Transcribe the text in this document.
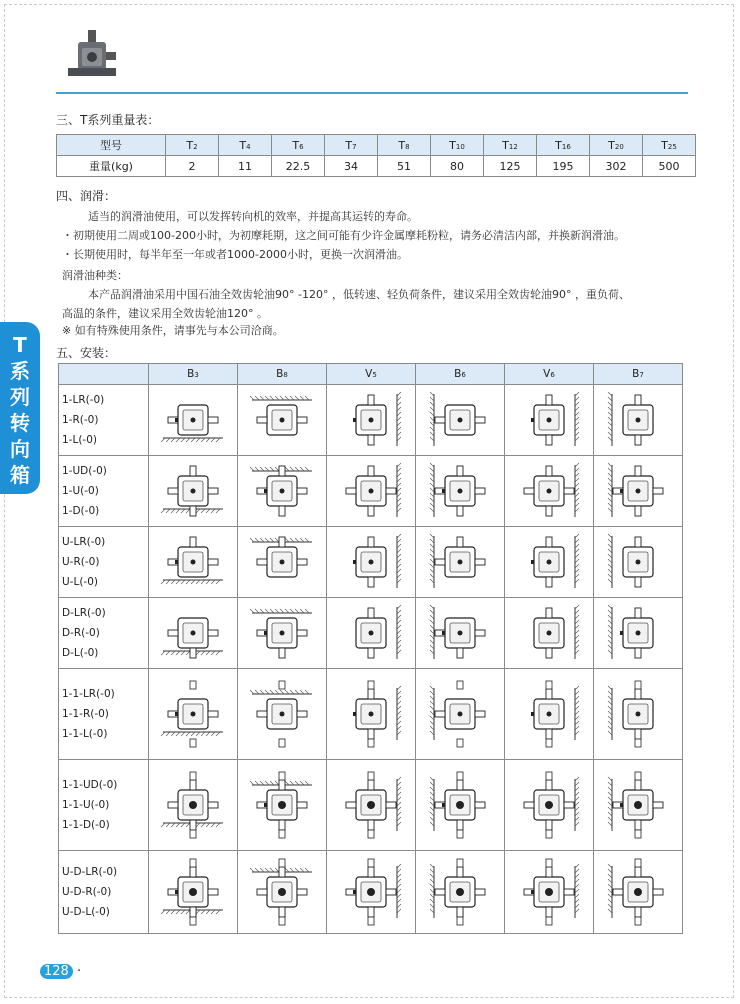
三、T系列重量表：
型号	T2	T4	T6	T7	T8	T10	T12	T16	T20	T25
重量(kg)	2	11	22.5	34	51	80	125	195	302	500
四、润滑：
适当的润滑油使用，可以发挥转向机的效率，并提高其运转的寿命。
・初期使用二周或100-200小时，为初摩耗期，这之间可能有少许金属摩耗粉粒，请务必清洁内部，并换新润滑油。
・长期使用时，每半年至一年或者1000-2000小时，更换一次润滑油。
润滑油种类：
本产品润滑油采用中国石油全效齿轮油90° -120° ，低转速、轻负荷条件，建议采用全效齿轮油90° ，重负荷、
高温的条件，建议采用全效齿轮油120° 。
※ 如有特殊使用条件，请事先与本公司洽商。
五、安装：
	B3	B8	V5	B6	V6	B7

1-LR(-0)
1-R(-0)
1-L(-0)

1-UD(-0)
1-U(-0)
1-D(-0)

U-LR(-0)
U-R(-0)
U-L(-0)

D-LR(-0)
D-R(-0)
D-L(-0)

1-1-LR(-0)
1-1-R(-0)
1-1-L(-0)

1-1-UD(-0)
1-1-U(-0)
1-1-D(-0)

U-D-LR(-0)
U-D-R(-0)
U-D-L(-0)

T系列转向箱
128 ·
